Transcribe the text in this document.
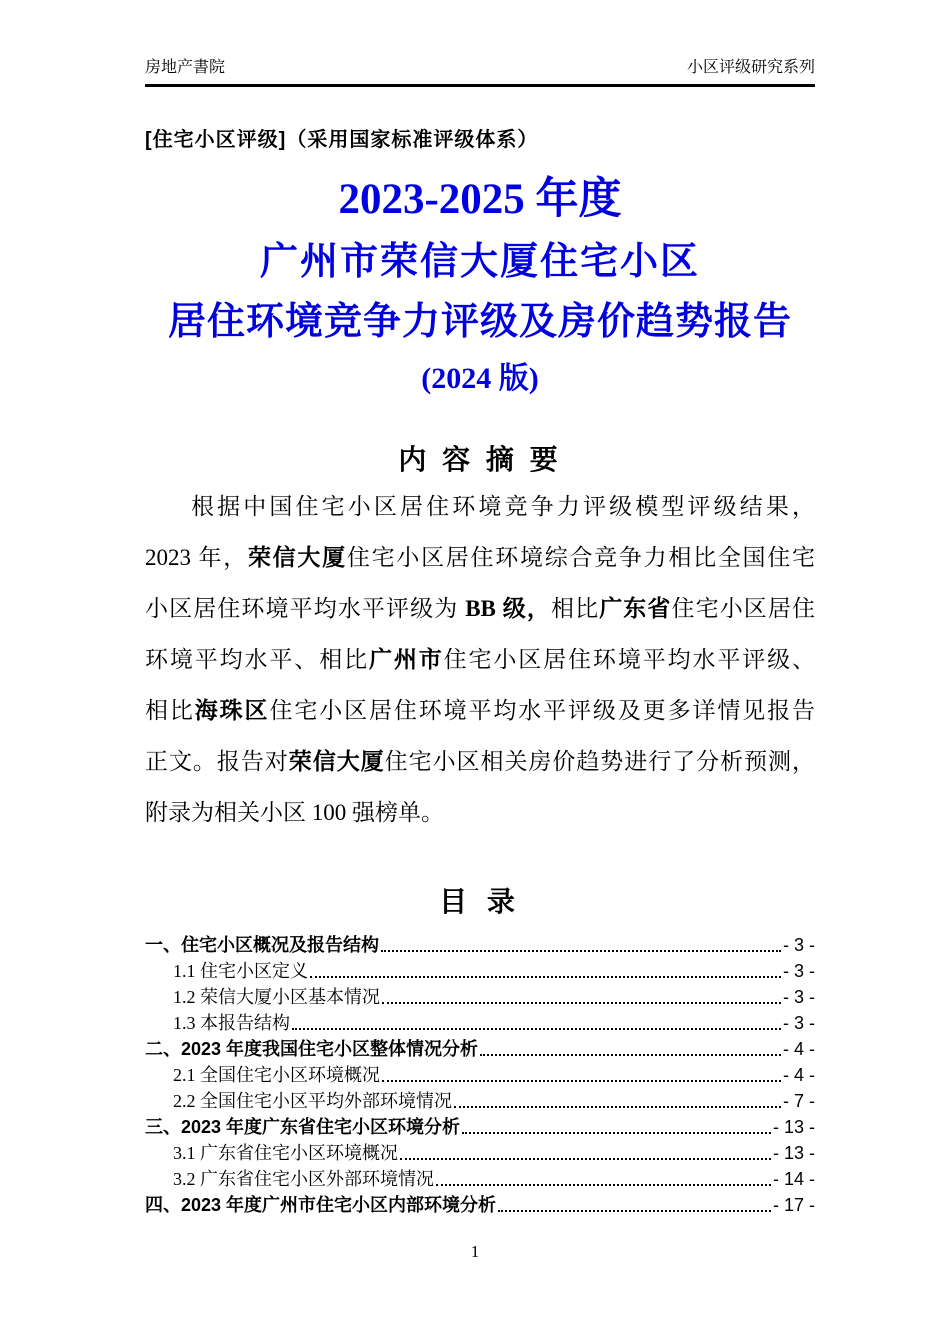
房地产書院	小区评级研究系列
[住宅小区评级]（采用国家标准评级体系）
2023-2025 年度
广州市荣信大厦住宅小区
居住环境竞争力评级及房价趋势报告
(2024 版)
内 容 摘 要
根据中国住宅小区居住环境竞争力评级模型评级结果，
2023 年，荣信大厦住宅小区居住环境综合竞争力相比全国住宅
小区居住环境平均水平评级为 BB 级，相比广东省住宅小区居住
环境平均水平、相比广州市住宅小区居住环境平均水平评级、
相比海珠区住宅小区居住环境平均水平评级及更多详情见报告
正文。报告对荣信大厦住宅小区相关房价趋势进行了分析预测，
附录为相关小区 100 强榜单。
目 录
一、住宅小区概况及报告结构	- 3 -
1.1 住宅小区定义	- 3 -
1.2 荣信大厦小区基本情况	- 3 -
1.3 本报告结构	- 3 -
二、2023 年度我国住宅小区整体情况分析	- 4 -
2.1 全国住宅小区环境概况	- 4 -
2.2 全国住宅小区平均外部环境情况	- 7 -
三、2023 年度广东省住宅小区环境分析	- 13 -
3.1 广东省住宅小区环境概况	- 13 -
3.2 广东省住宅小区外部环境情况	- 14 -
四、2023 年度广州市住宅小区内部环境分析	- 17 -
1
